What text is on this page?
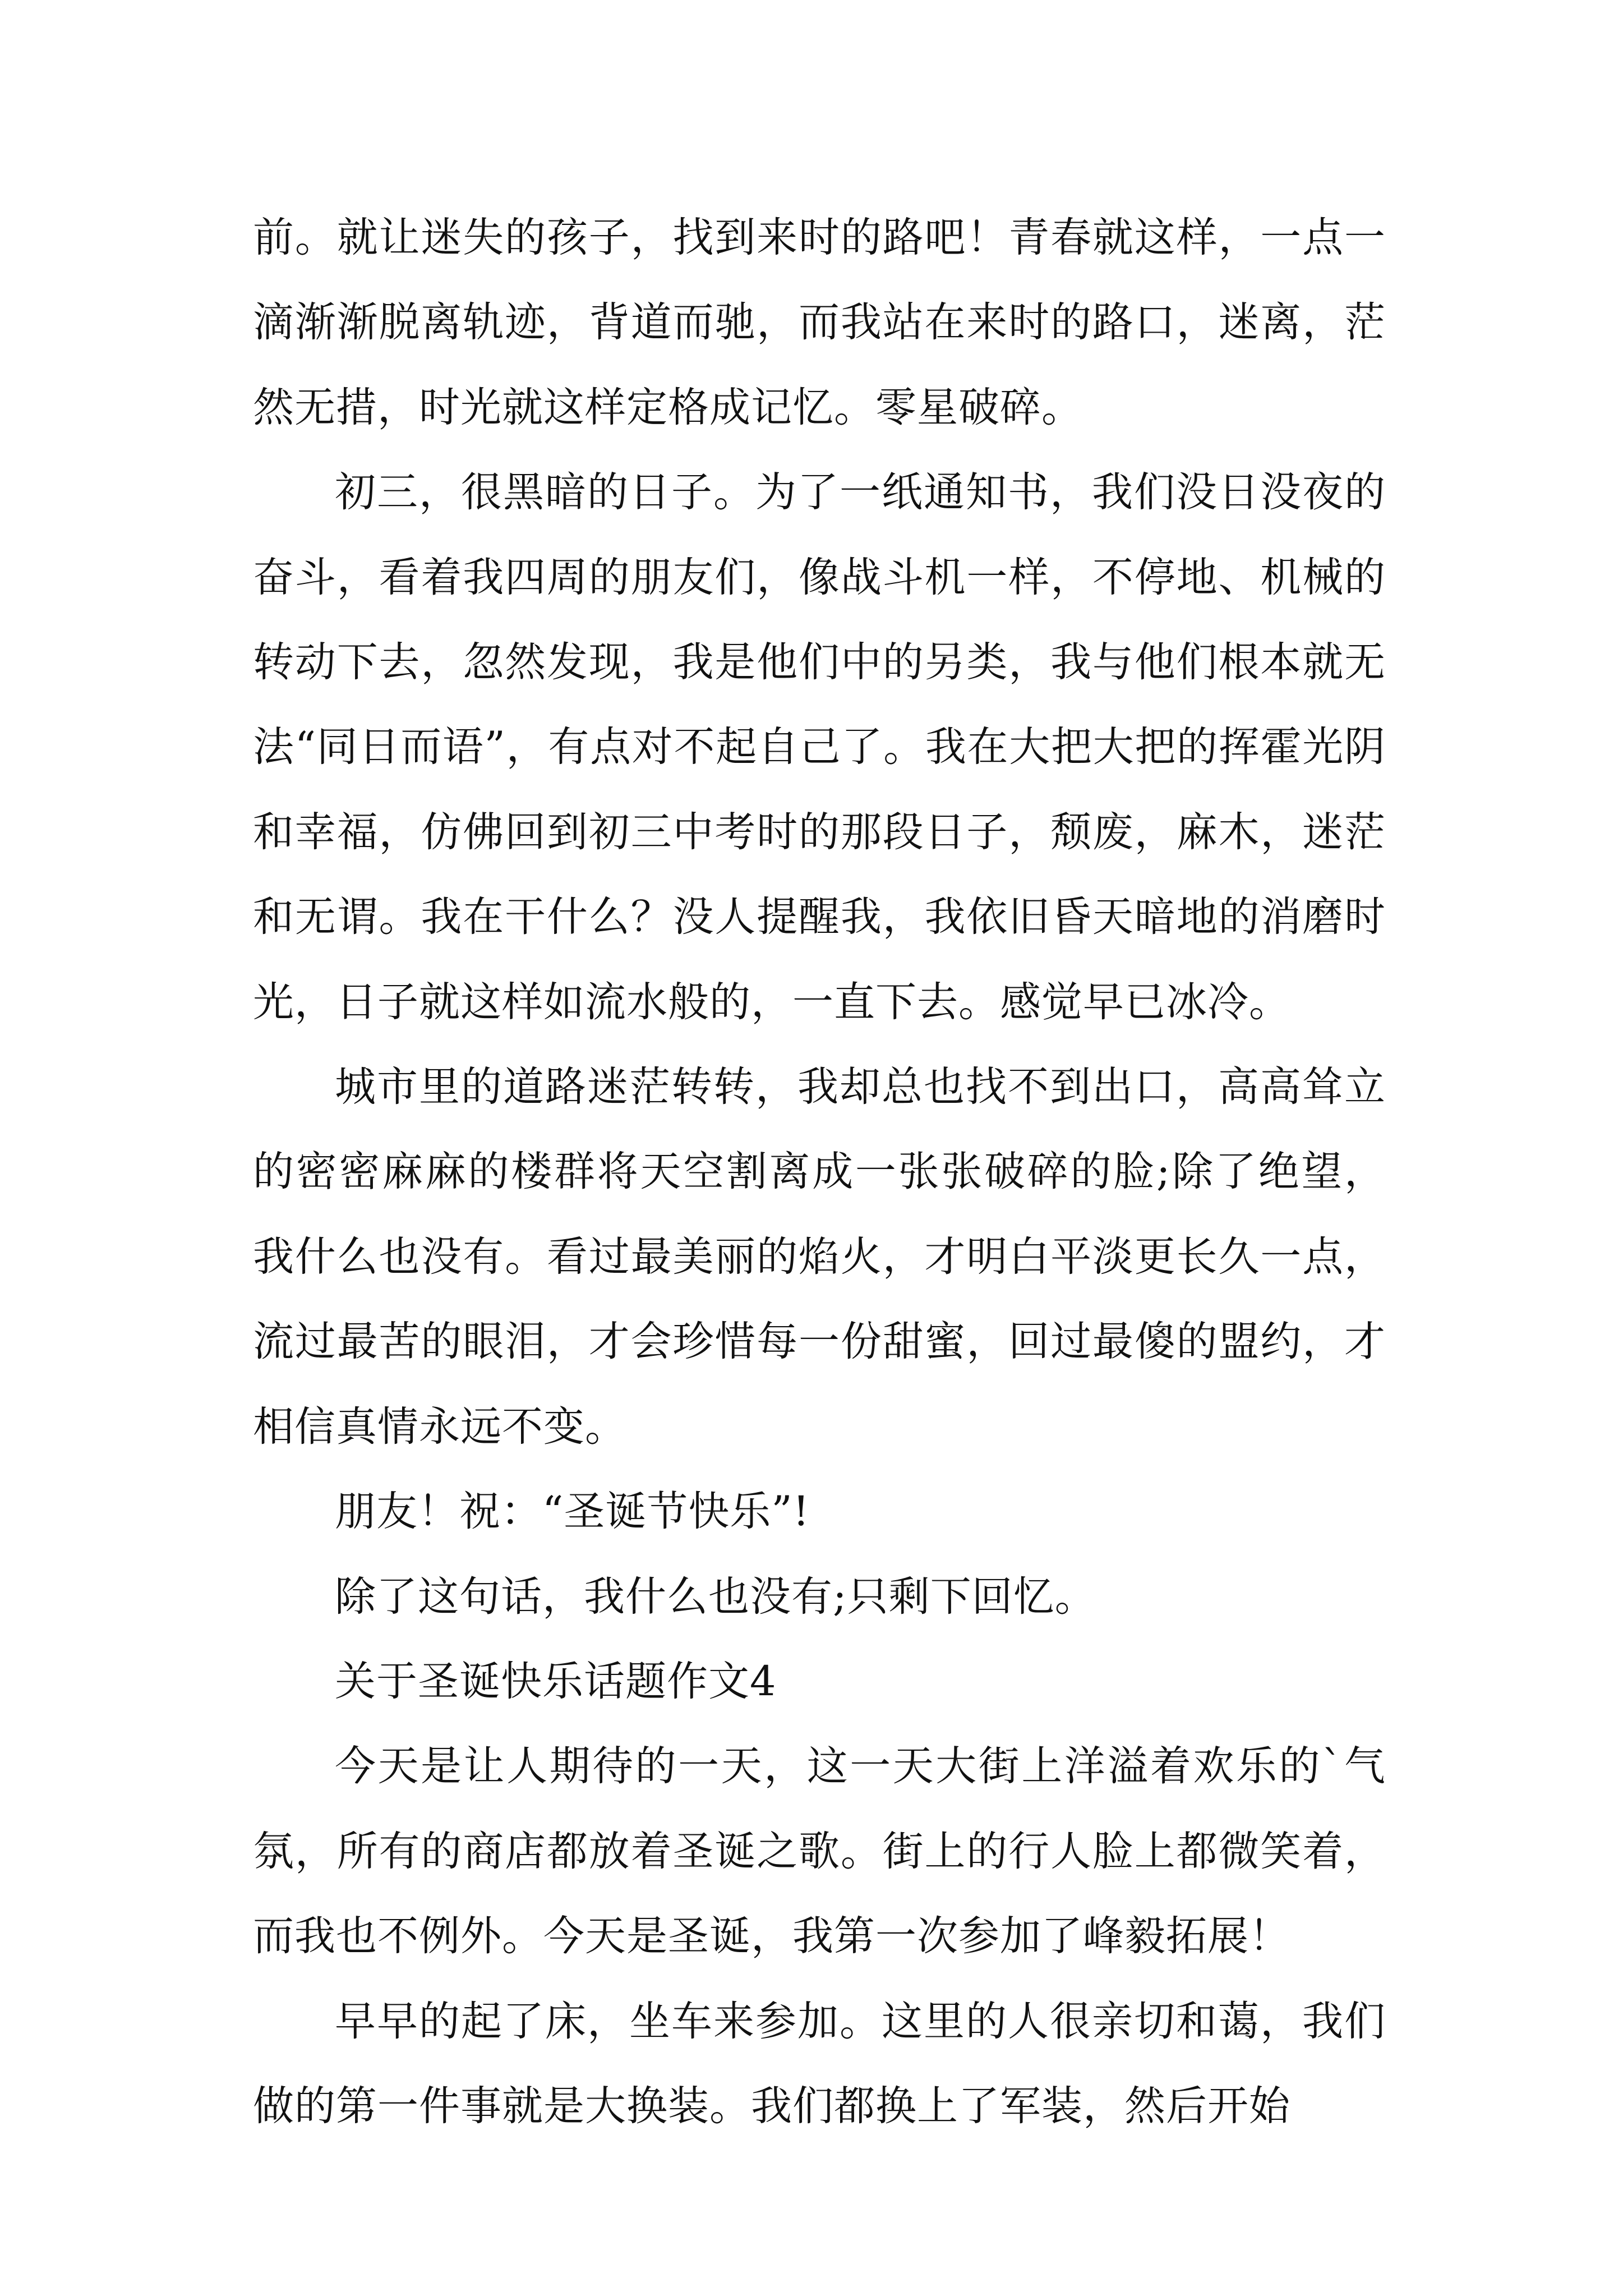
前。就让迷失的孩子，找到来时的路吧！青春就这样，一点一滴渐渐脱离轨迹，背道而驰，而我站在来时的路口，迷离，茫然无措，时光就这样定格成记忆。零星破碎。

初三，很黑暗的日子。为了一纸通知书，我们没日没夜的奋斗，看着我四周的朋友们，像战斗机一样，不停地、机械的转动下去，忽然发现，我是他们中的另类，我与他们根本就无法“同日而语”，有点对不起自己了。我在大把大把的挥霍光阴和幸福，仿佛回到初三中考时的那段日子，颓废，麻木，迷茫和无谓。我在干什么？没人提醒我，我依旧昏天暗地的消磨时光，日子就这样如流水般的，一直下去。感觉早已冰冷。

城市里的道路迷茫转转，我却总也找不到出口，高高耸立的密密麻麻的楼群将天空割离成一张张破碎的脸;除了绝望，我什么也没有。看过最美丽的焰火，才明白平淡更长久一点，流过最苦的眼泪，才会珍惜每一份甜蜜，回过最傻的盟约，才相信真情永远不变。

朋友！祝：“圣诞节快乐”!

除了这句话，我什么也没有;只剩下回忆。

关于圣诞快乐话题作文4

今天是让人期待的一天，这一天大街上洋溢着欢乐的`气氛，所有的商店都放着圣诞之歌。街上的行人脸上都微笑着，而我也不例外。今天是圣诞，我第一次参加了峰毅拓展！

早早的起了床，坐车来参加。这里的人很亲切和蔼，我们做的第一件事就是大换装。我们都换上了军装，然后开始
